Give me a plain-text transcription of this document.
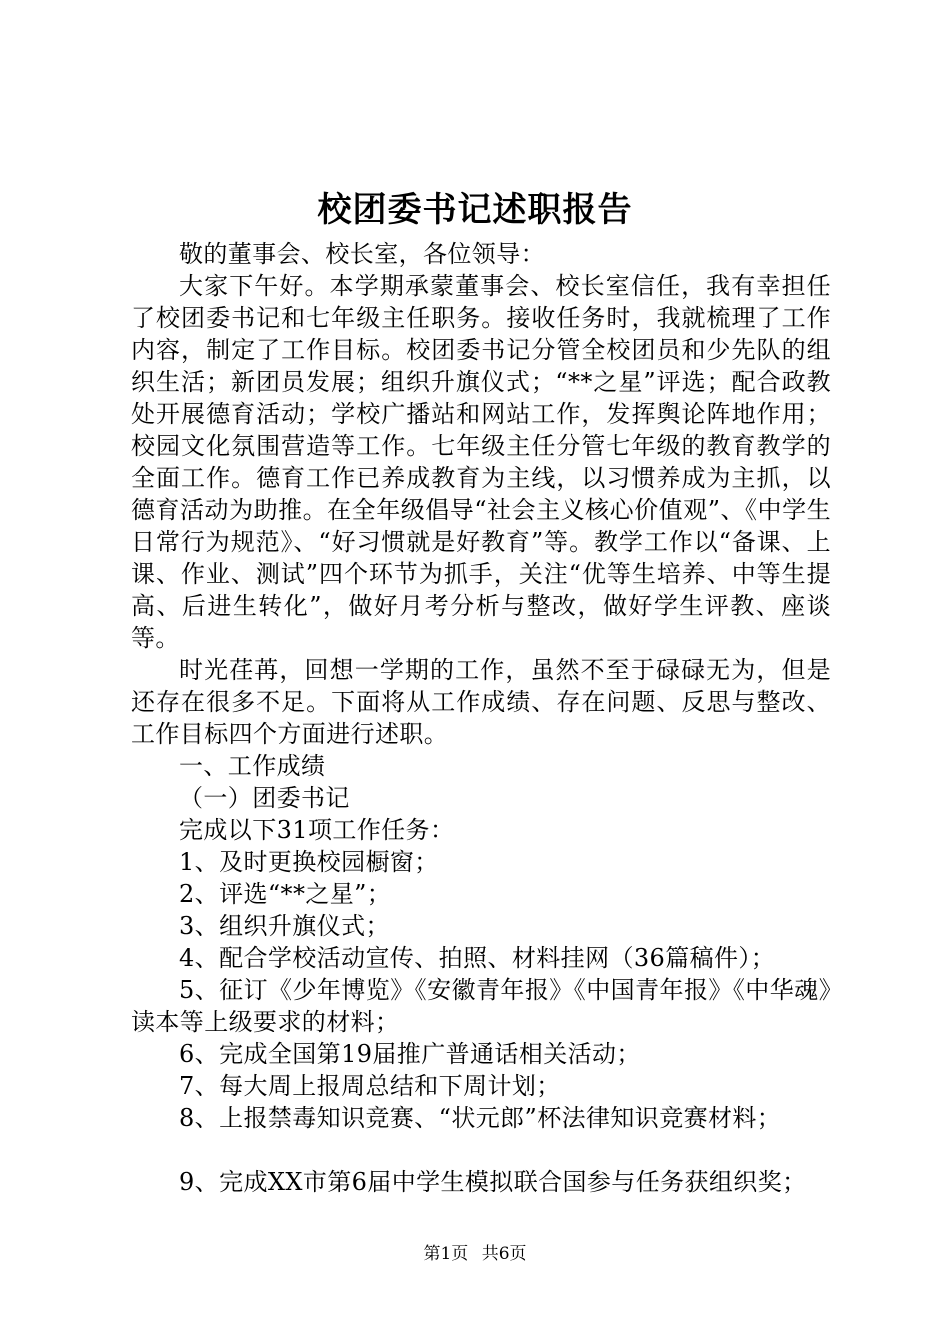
校团委书记述职报告

敬的董事会、校长室，各位领导：

大家下午好。本学期承蒙董事会、校长室信任，我有幸担任了校团委书记和七年级主任职务。接收任务时，我就梳理了工作内容，制定了工作目标。校团委书记分管全校团员和少先队的组织生活；新团员发展；组织升旗仪式；“**之星”评选；配合政教处开展德育活动；学校广播站和网站工作，发挥舆论阵地作用；校园文化氛围营造等工作。七年级主任分管七年级的教育教学的全面工作。德育工作已养成教育为主线，以习惯养成为主抓，以德育活动为助推。在全年级倡导“社会主义核心价值观”、《中学生日常行为规范》、“好习惯就是好教育”等。教学工作以“备课、上课、作业、测试”四个环节为抓手，关注“优等生培养、中等生提高、后进生转化”，做好月考分析与整改，做好学生评教、座谈等。

时光荏苒，回想一学期的工作，虽然不至于碌碌无为，但是还存在很多不足。下面将从工作成绩、存在问题、反思与整改、工作目标四个方面进行述职。

一、工作成绩

（一）团委书记

完成以下31项工作任务：

1、及时更换校园橱窗；

2、评选“**之星”；

3、组织升旗仪式；

4、配合学校活动宣传、拍照、材料挂网（36篇稿件）；

5、征订《少年博览》《安徽青年报》《中国青年报》《中华魂》读本等上级要求的材料；

6、完成全国第19届推广普通话相关活动；

7、每大周上报周总结和下周计划；

8、上报禁毒知识竞赛、“状元郎”杯法律知识竞赛材料；

9、完成XX市第6届中学生模拟联合国参与任务获组织奖；

第1页 共6页
